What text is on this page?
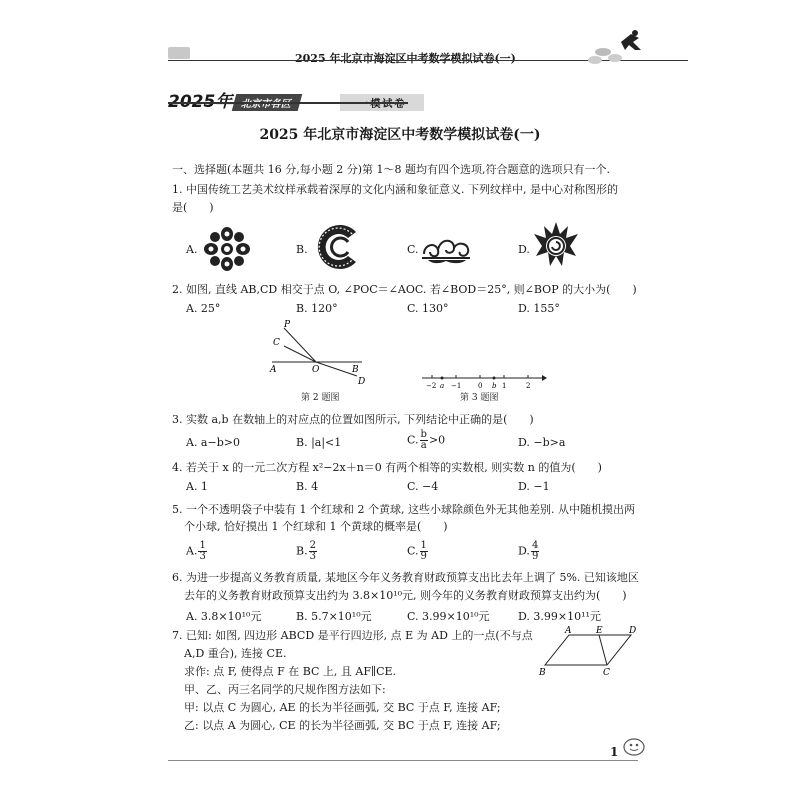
2025 年北京市海淀区中考数学模拟试卷(一)
2025年 北京市各区	一模试卷
2025 年北京市海淀区中考数学模拟试卷(一)
一、选择题(本题共 16 分,每小题 2 分)第 1～8 题均有四个选项,符合题意的选项只有一个.
1. 中国传统工艺美术纹样承载着深厚的文化内涵和象征意义. 下列纹样中, 是中心对称图形的
是(　　)
A.	B.	C.	D.
2. 如图, 直线 AB,CD 相交于点 O, ∠POC＝∠AOC. 若∠BOD＝25°, 则∠BOP 的大小为(　　)
A. 25°	B. 120°	C. 130°	D. 155°
P
C
A	O	B
D
第 2 题图
−2 a −1 0 b 1	2
第 3 题图
3. 实数 a,b 在数轴上的对应点的位置如图所示, 下列结论中正确的是(　　)
A. a−b>0	B. |a|<1	C. $\frac{b}{a} >0$	D. −b>a
4. 若关于 x 的一元二次方程 x²−2x＋n＝0 有两个相等的实数根, 则实数 n 的值为(　　)
A. 1	B. 4	C. −4	D. −1
5. 一个不透明袋子中装有 1 个红球和 2 个黄球, 这些小球除颜色外无其他差别. 从中随机摸出两
个小球, 恰好摸出 1 个红球和 1 个黄球的概率是(　　)
A. $\frac{1}{3}$	B. $\frac{2}{3}$	C. $\frac{1}{9}$	D. $\frac{4}{9}$
6. 为进一步提高义务教育质量, 某地区今年义务教育财政预算支出比去年上调了 5%. 已知该地区
去年的义务教育财政预算支出约为 3.8×10¹⁰元, 则今年的义务教育财政预算支出约为(　　)
A. 3.8×10¹⁰元	B. 5.7×10¹⁰元	C. 3.99×10¹⁰元	D. 3.99×10¹¹元
7. 已知: 如图, 四边形 ABCD 是平行四边形, 点 E 为 AD 上的一点(不与点
A,D 重合), 连接 CE.
求作: 点 F, 使得点 F 在 BC 上, 且 AF∥CE.
甲、乙、丙三名同学的尺规作图方法如下:
甲: 以点 C 为圆心, AE 的长为半径画弧, 交 BC 于点 F, 连接 AF;
乙: 以点 A 为圆心, CE 的长为半径画弧, 交 BC 于点 F, 连接 AF;
A	E	D
B	C
1
